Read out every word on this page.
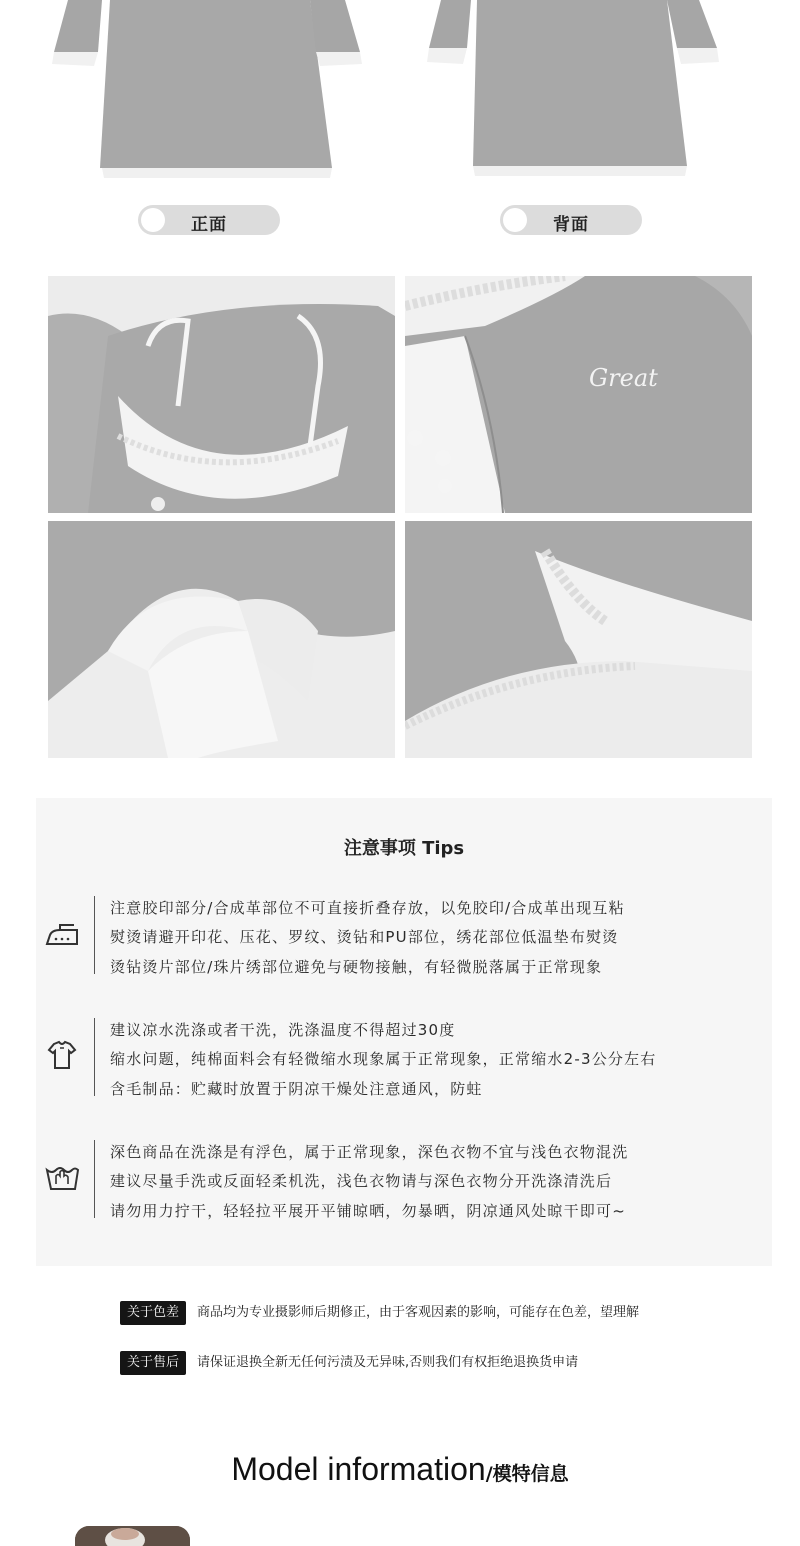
正面	背面
Great
注意事项 Tips
注意胶印部分/合成革部位不可直接折叠存放，以免胶印/合成革出现互粘
熨烫请避开印花、压花、罗纹、烫钻和PU部位，绣花部位低温垫布熨烫
烫钻烫片部位/珠片绣部位避免与硬物接触，有轻微脱落属于正常现象
建议凉水洗涤或者干洗，洗涤温度不得超过30度
缩水问题，纯棉面料会有轻微缩水现象属于正常现象，正常缩水2-3公分左右
含毛制品：贮藏时放置于阴凉干燥处注意通风，防蛀
深色商品在洗涤是有浮色，属于正常现象，深色衣物不宜与浅色衣物混洗
建议尽量手洗或反面轻柔机洗，浅色衣物请与深色衣物分开洗涤清洗后
请勿用力拧干，轻轻拉平展开平铺晾晒，勿暴晒，阴凉通风处晾干即可~
关于色差	商品均为专业摄影师后期修正，由于客观因素的影响，可能存在色差，望理解
关于售后	请保证退换全新无任何污渍及无异味,否则我们有权拒绝退换货申请
Model information/模特信息
